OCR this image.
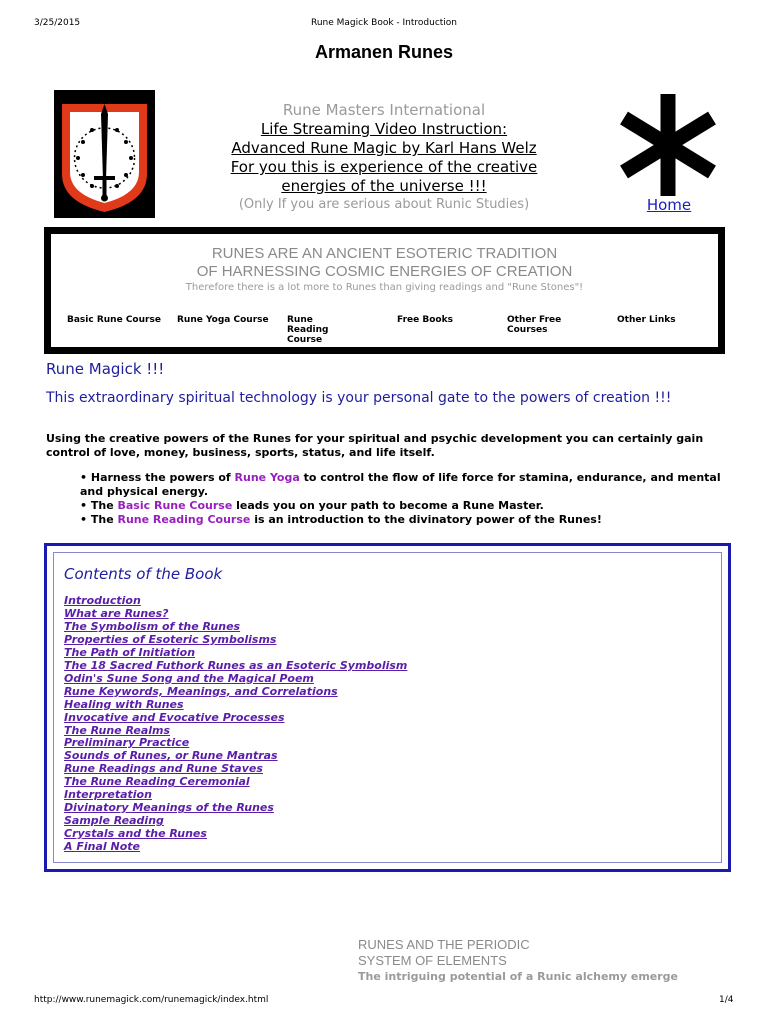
3/25/2015	Rune Magick Book - Introduction
Armanen Runes
Rune Masters International
Life Streaming Video Instruction:
Advanced Rune Magic by Karl Hans Welz
For you this is experience of the creative
energies of the universe !!!
(Only If you are serious about Runic Studies)	Home
RUNES ARE AN ANCIENT ESOTERIC TRADITION
OF HARNESSING COSMIC ENERGIES OF CREATION
Therefore there is a lot more to Runes than giving readings and "Rune Stones"!
Basic Rune Course	Rune Yoga Course	Rune Reading Course
Free Books	Other Free Courses
Other Links
Rune Magick !!!
This extraordinary spiritual technology is your personal gate to the powers of creation !!!
Using the creative powers of the Runes for your spiritual and psychic development you can certainly gain control of love, money, business, sports, status, and life itself.
• Harness the powers of Rune Yoga to control the flow of life force for stamina, endurance, and mental and physical energy.
• The Basic Rune Course leads you on your path to become a Rune Master.
• The Rune Reading Course is an introduction to the divinatory power of the Runes!
Contents of the Book
Introduction
What are Runes?
The Symbolism of the Runes
Properties of Esoteric Symbolisms
The Path of Initiation
The 18 Sacred Futhork Runes as an Esoteric Symbolism
Odin's Sune Song and the Magical Poem
Rune Keywords, Meanings, and Correlations
Healing with Runes
Invocative and Evocative Processes
The Rune Realms
Preliminary Practice
Sounds of Runes, or Rune Mantras
Rune Readings and Rune Staves
The Rune Reading Ceremonial
Interpretation
Divinatory Meanings of the Runes
Sample Reading
Crystals and the Runes
A Final Note
RUNES AND THE PERIODIC
SYSTEM OF ELEMENTS
The intriguing potential of a Runic alchemy emerge
http://www.runemagick.com/runemagick/index.html	1/4
